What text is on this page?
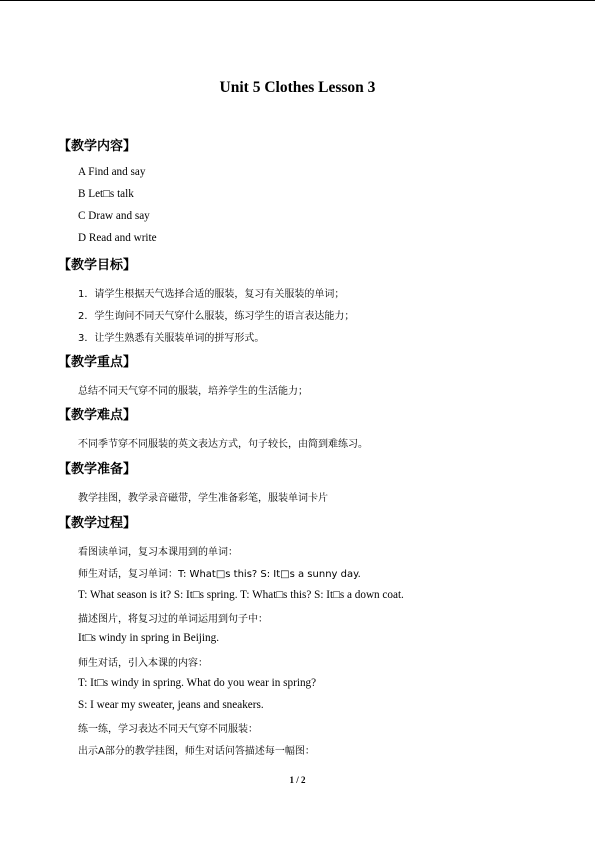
Unit 5 Clothes Lesson 3
【教学内容】
A Find and say
B Let□s talk
C Draw and say
D Read and write
【教学目标】
1．请学生根据天气选择合适的服装，复习有关服装的单词；
2．学生询问不同天气穿什么服装，练习学生的语言表达能力；
3．让学生熟悉有关服装单词的拼写形式。
【教学重点】
总结不同天气穿不同的服装，培养学生的生活能力；
【教学难点】
不同季节穿不同服装的英文表达方式，句子较长，由简到难练习。
【教学准备】
教学挂图，教学录音磁带，学生准备彩笔，服装单词卡片
【教学过程】
看图读单词，复习本课用到的单词：
师生对话，复习单词：T: What□s this? S: It□s a sunny day.
T: What season is it? S: It□s spring. T: What□s this? S: It□s a down coat.
描述图片，将复习过的单词运用到句子中：
It□s windy in spring in Beijing.
师生对话，引入本课的内容：
T: It□s windy in spring. What do you wear in spring?
S: I wear my sweater, jeans and sneakers.
练一练，学习表达不同天气穿不同服装：
出示A部分的教学挂图，师生对话问答描述每一幅图：
1 / 2
